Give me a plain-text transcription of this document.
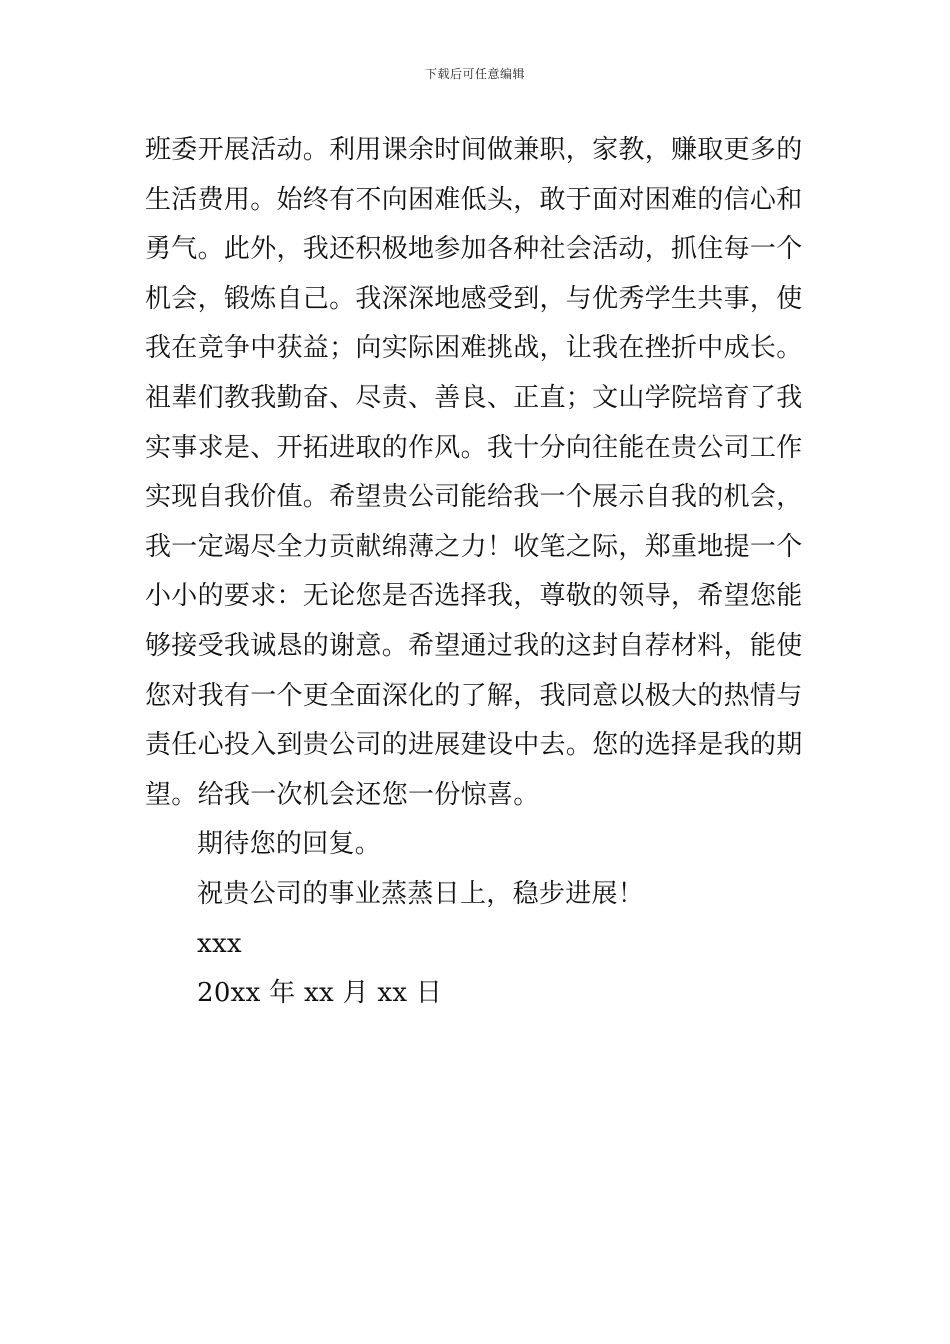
下载后可任意编辑
班委开展活动。利用课余时间做兼职，家教，赚取更多的
生活费用。始终有不向困难低头，敢于面对困难的信心和
勇气。此外，我还积极地参加各种社会活动，抓住每一个
机会，锻炼自己。我深深地感受到，与优秀学生共事，使
我在竞争中获益；向实际困难挑战，让我在挫折中成长。
祖辈们教我勤奋、尽责、善良、正直；文山学院培育了我
实事求是、开拓进取的作风。我十分向往能在贵公司工作
实现自我价值。希望贵公司能给我一个展示自我的机会，
我一定竭尽全力贡献绵薄之力！收笔之际，郑重地提一个
小小的要求：无论您是否选择我，尊敬的领导，希望您能
够接受我诚恳的谢意。希望通过我的这封自荐材料，能使
您对我有一个更全面深化的了解，我同意以极大的热情与
责任心投入到贵公司的进展建设中去。您的选择是我的期
望。给我一次机会还您一份惊喜。
期待您的回复。
祝贵公司的事业蒸蒸日上，稳步进展！
xxx
20xx 年 xx 月 xx 日
